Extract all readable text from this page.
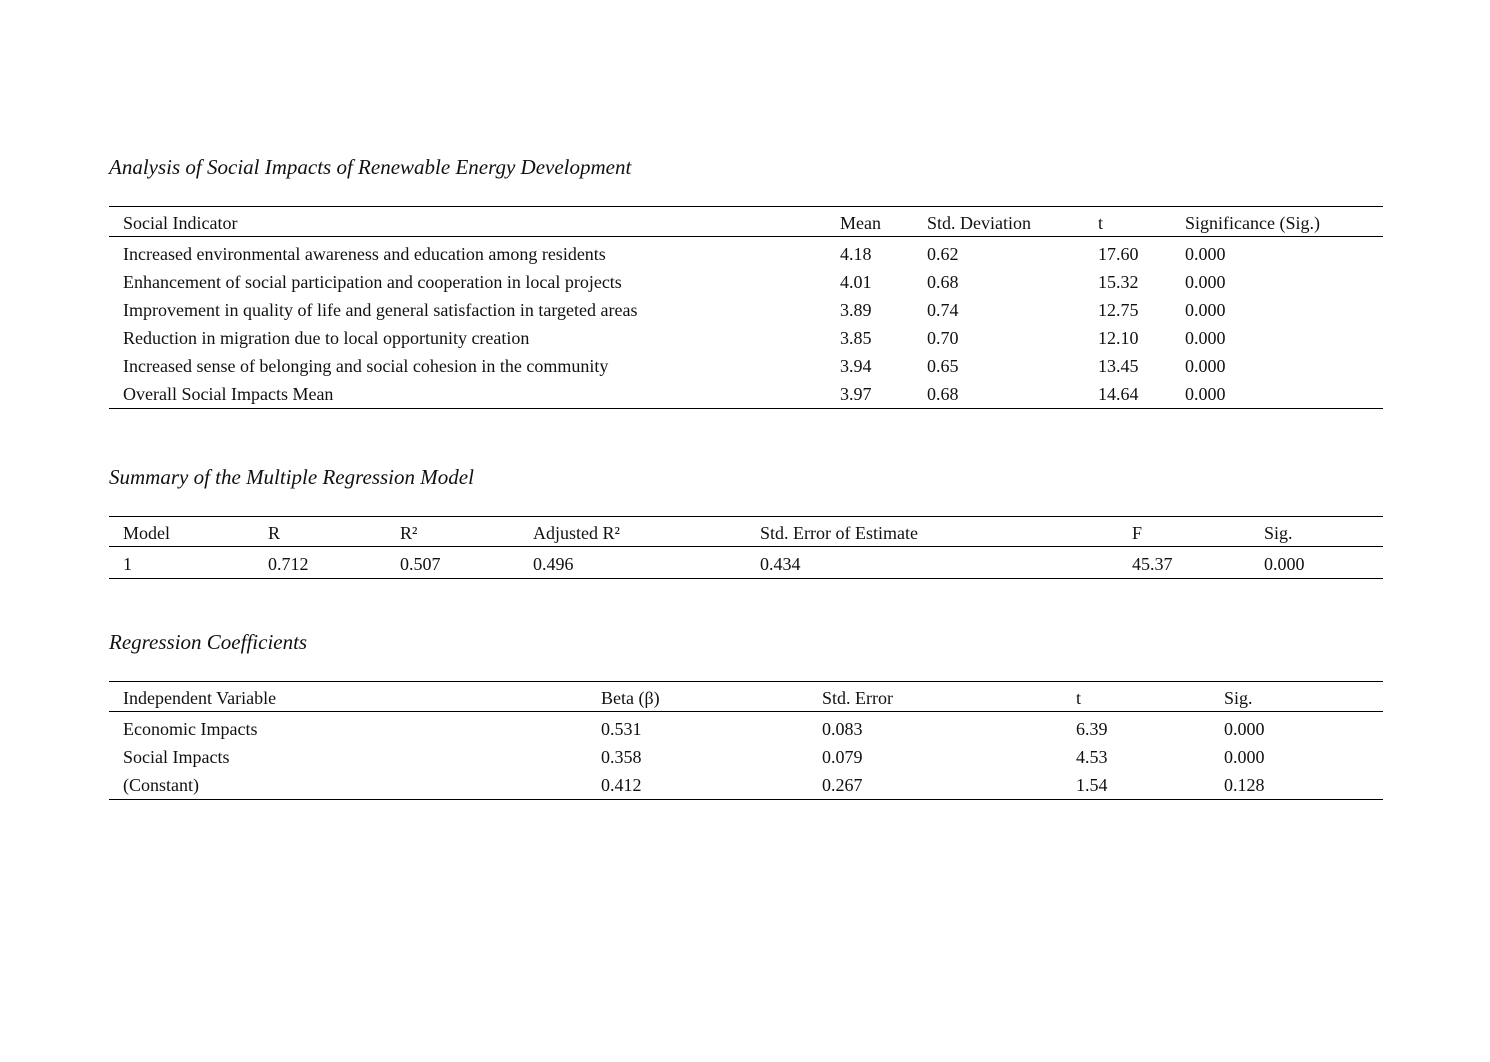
Analysis of Social Impacts of Renewable Energy Development
Social Indicator	Mean	Std. Deviation	t	Significance (Sig.)
Increased environmental awareness and education among residents	4.18	0.62	17.60	0.000
Enhancement of social participation and cooperation in local projects	4.01	0.68	15.32	0.000
Improvement in quality of life and general satisfaction in targeted areas	3.89	0.74	12.75	0.000
Reduction in migration due to local opportunity creation	3.85	0.70	12.10	0.000
Increased sense of belonging and social cohesion in the community	3.94	0.65	13.45	0.000
Overall Social Impacts Mean	3.97	0.68	14.64	0.000
Summary of the Multiple Regression Model
Model	R	R²	Adjusted R²	Std. Error of Estimate	F	Sig.
1	0.712	0.507	0.496	0.434	45.37	0.000
Regression Coefficients
Independent Variable	Beta (β)	Std. Error	t	Sig.
Economic Impacts	0.531	0.083	6.39	0.000
Social Impacts	0.358	0.079	4.53	0.000
(Constant)	0.412	0.267	1.54	0.128
